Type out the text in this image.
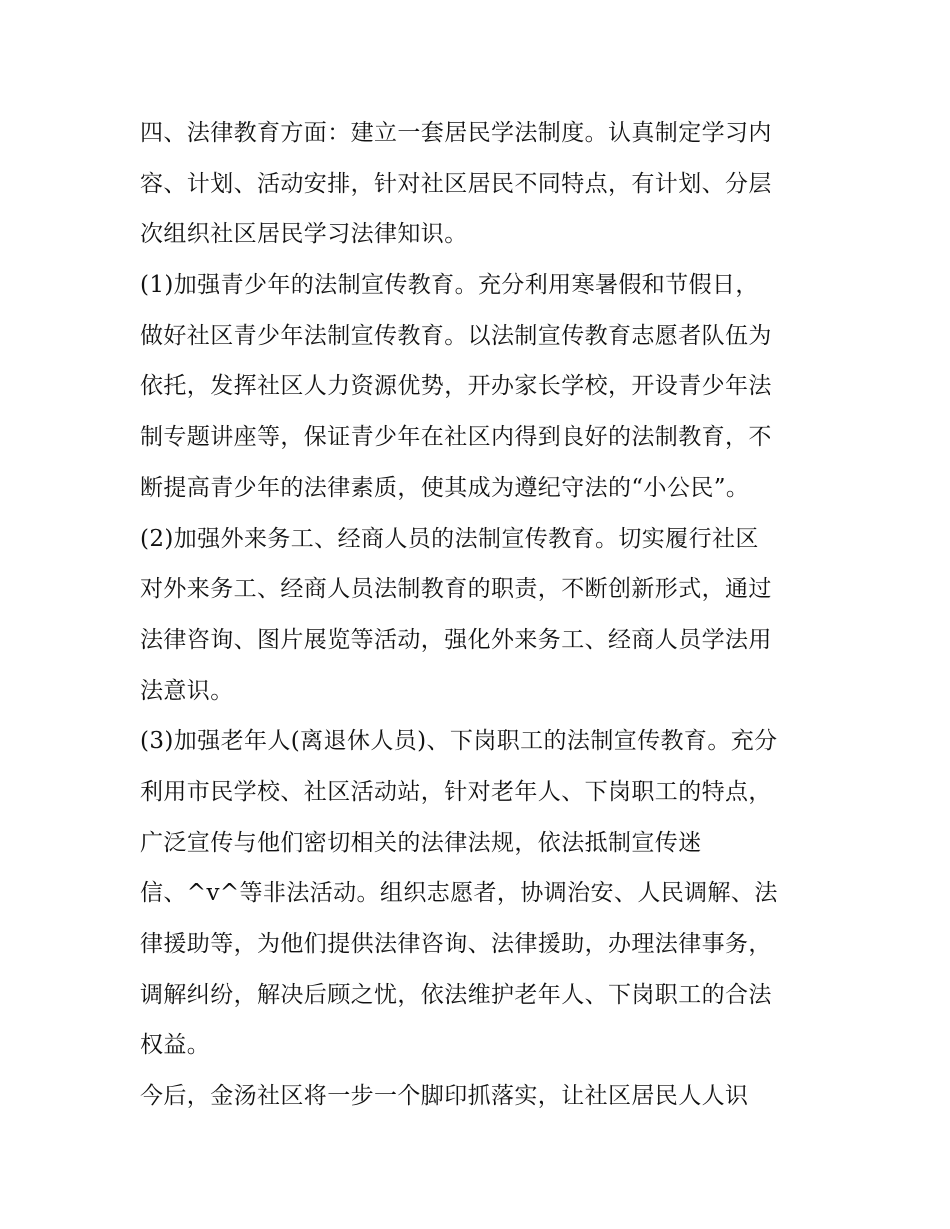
四、法律教育方面：建立一套居民学法制度。认真制定学习内
容、计划、活动安排，针对社区居民不同特点，有计划、分层
次组织社区居民学习法律知识。
(1)加强青少年的法制宣传教育。充分利用寒暑假和节假日，
做好社区青少年法制宣传教育。以法制宣传教育志愿者队伍为
依托，发挥社区人力资源优势，开办家长学校，开设青少年法
制专题讲座等，保证青少年在社区内得到良好的法制教育，不
断提高青少年的法律素质，使其成为遵纪守法的“小公民”。
(2)加强外来务工、经商人员的法制宣传教育。切实履行社区
对外来务工、经商人员法制教育的职责，不断创新形式，通过
法律咨询、图片展览等活动，强化外来务工、经商人员学法用
法意识。
(3)加强老年人(离退休人员)、下岗职工的法制宣传教育。充分
利用市民学校、社区活动站，针对老年人、下岗职工的特点，
广泛宣传与他们密切相关的法律法规，依法抵制宣传迷
信、^v^等非法活动。组织志愿者，协调治安、人民调解、法
律援助等，为他们提供法律咨询、法律援助，办理法律事务，
调解纠纷，解决后顾之忧，依法维护老年人、下岗职工的合法
权益。
今后，金汤社区将一步一个脚印抓落实，让社区居民人人识
